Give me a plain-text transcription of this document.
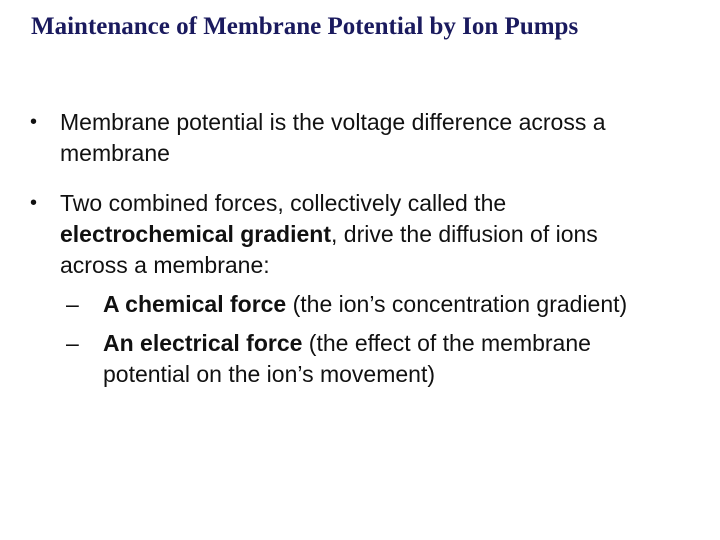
Maintenance of Membrane Potential by Ion Pumps
• Membrane potential is the voltage difference across a membrane
• Two combined forces, collectively called the electrochemical gradient, drive the diffusion of ions across a membrane:
– A chemical force (the ion’s concentration gradient)
– An electrical force (the effect of the membrane potential on the ion’s movement)
